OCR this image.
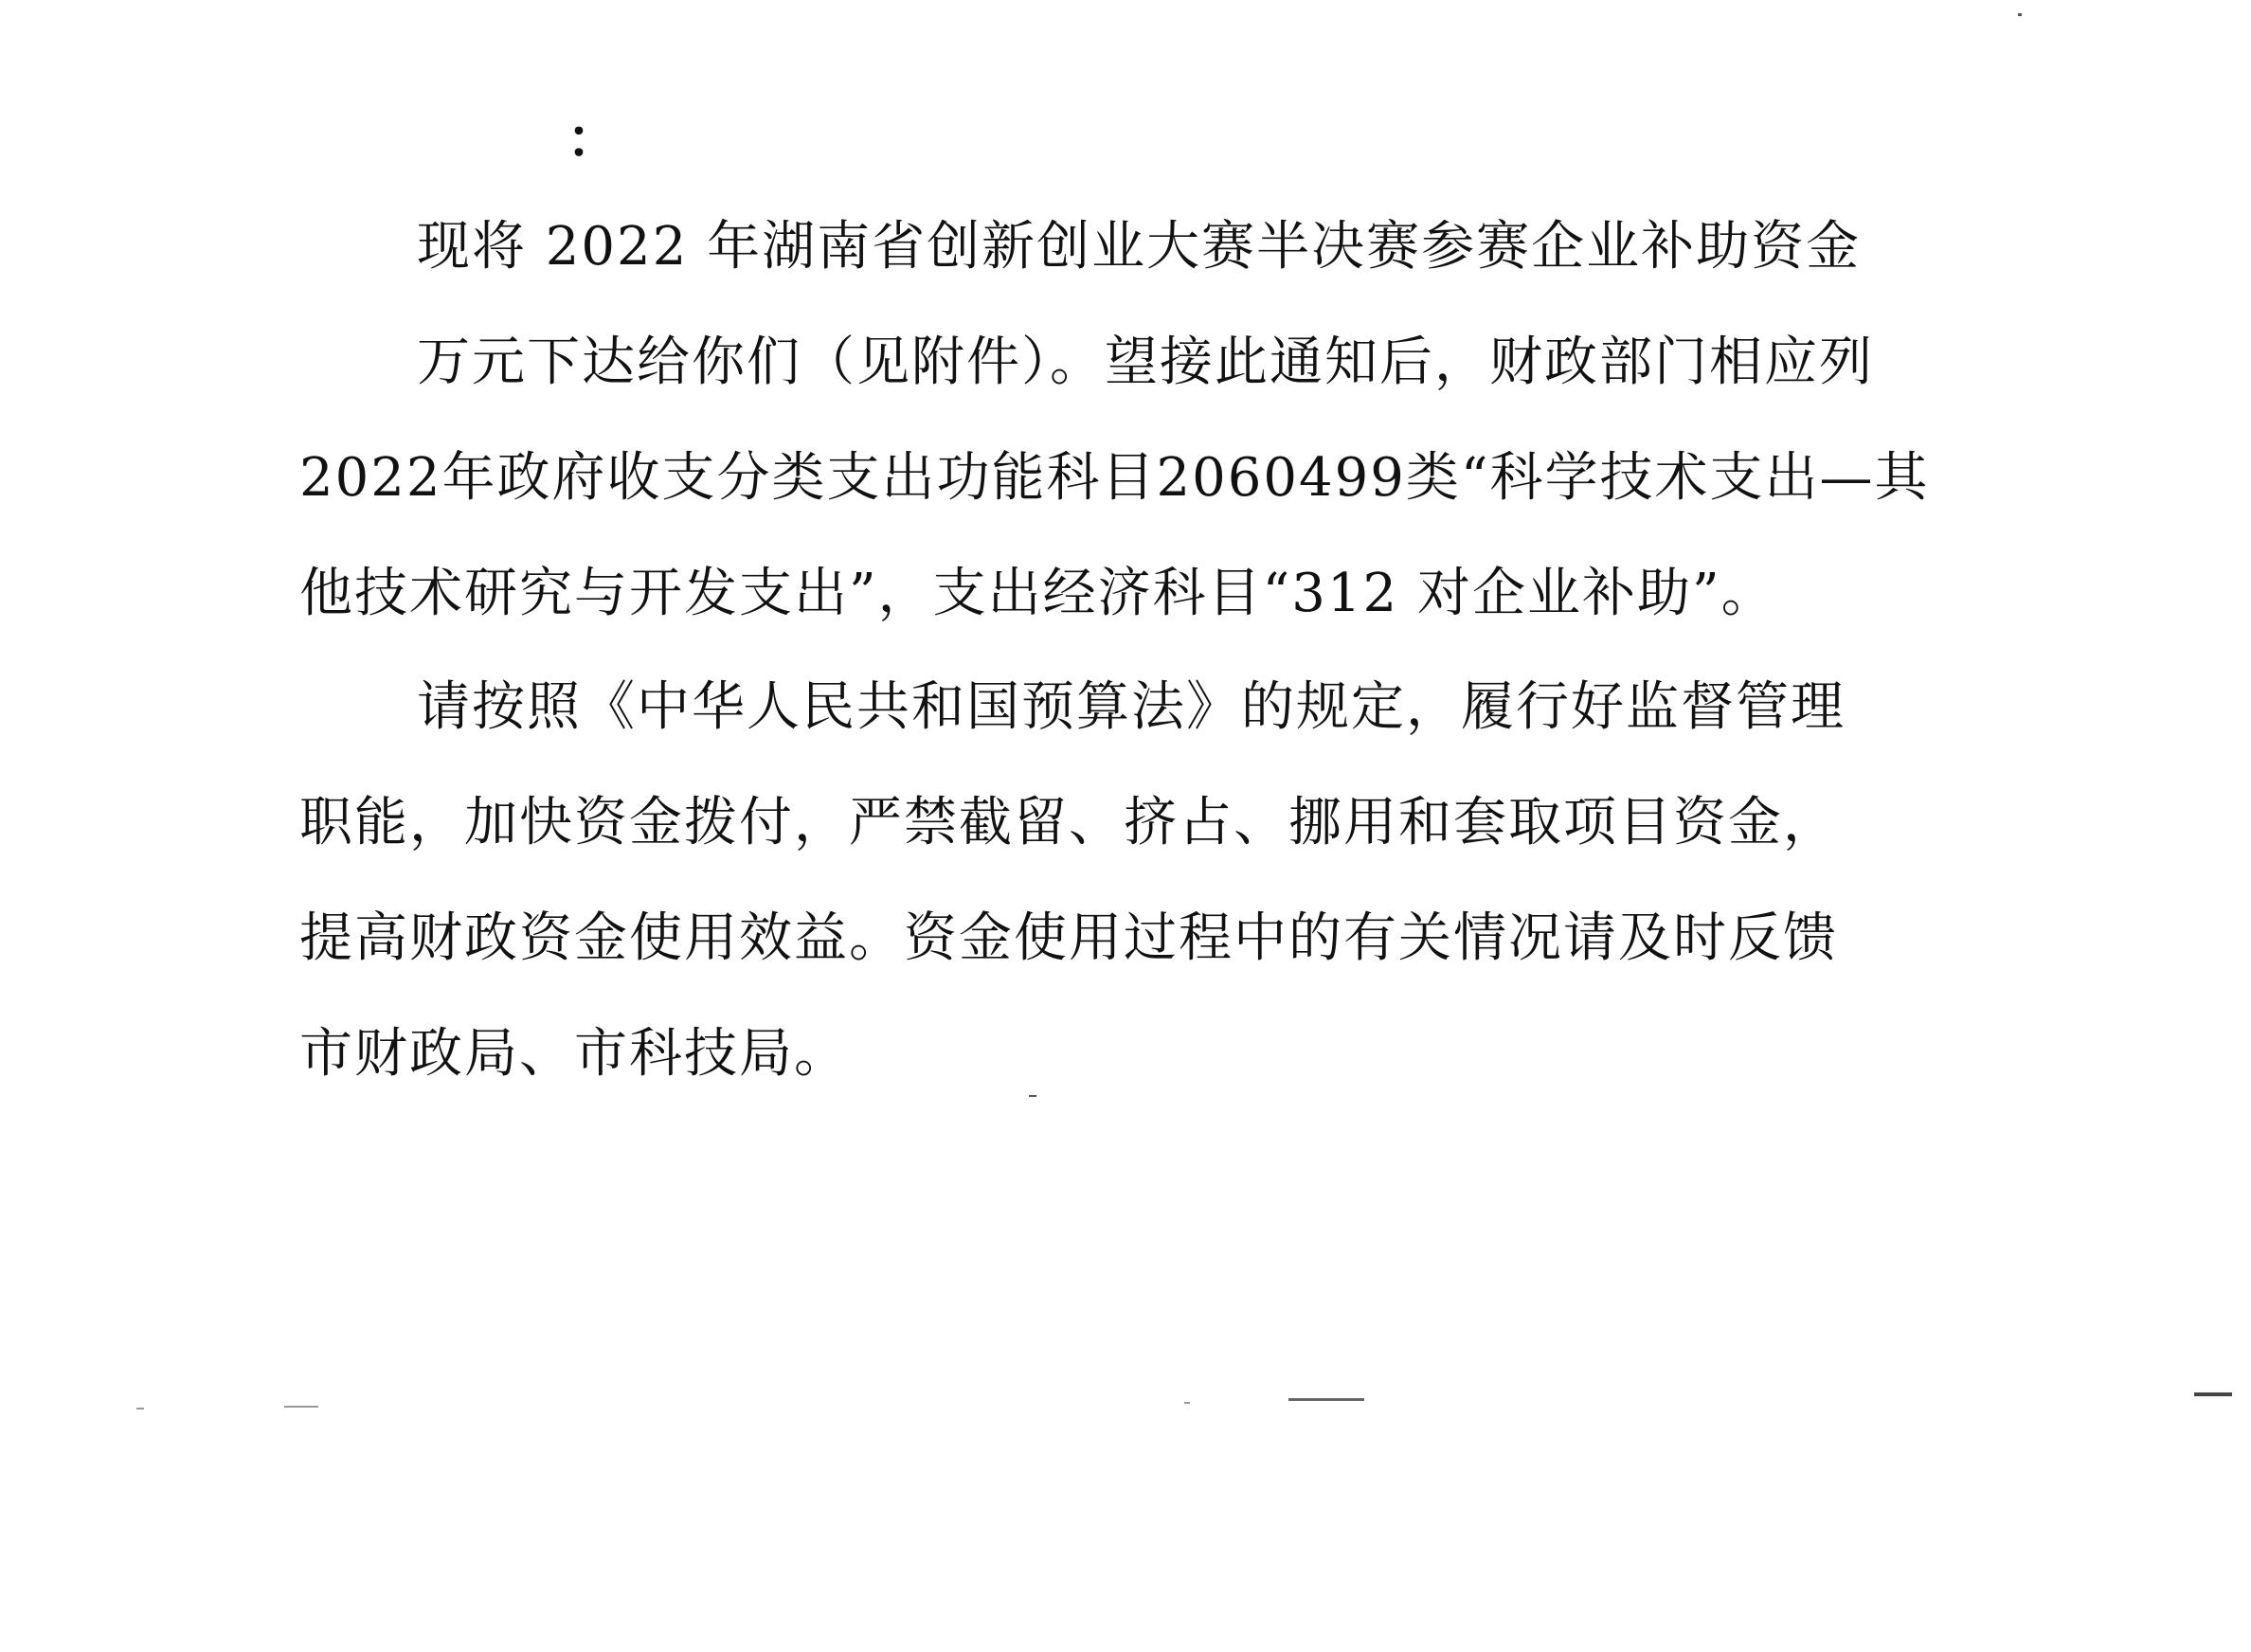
：
现将 2022 年湖南省创新创业大赛半决赛参赛企业补助资金
万元下达给你们（见附件）。望接此通知后，财政部门相应列
2022年政府收支分类支出功能科目2060499类“科学技术支出—其
他技术研究与开发支出”，支出经济科目“312 对企业补助”。
请按照《中华人民共和国预算法》的规定，履行好监督管理
职能，加快资金拨付，严禁截留、挤占、挪用和套取项目资金，
提高财政资金使用效益。资金使用过程中的有关情况请及时反馈
市财政局、市科技局。
